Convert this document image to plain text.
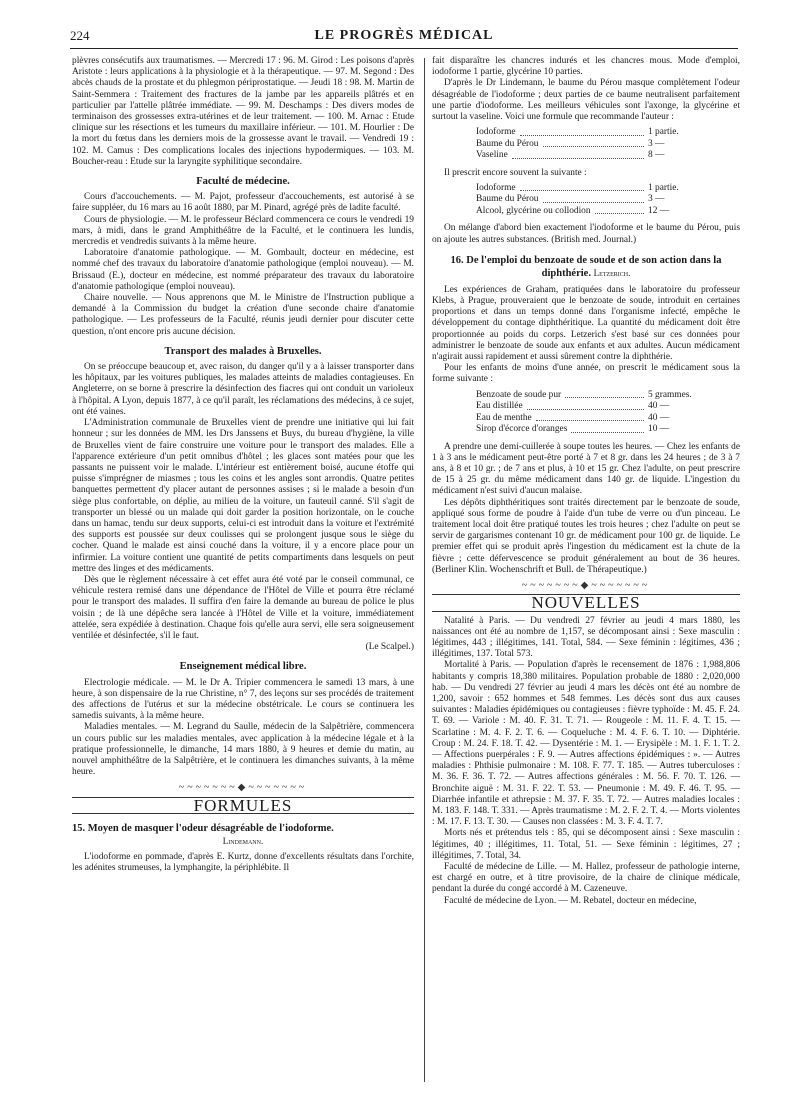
224	LE PROGRÈS MÉDICAL

plèvres consécutifs aux traumatismes. — Mercredi 17 : 96. M. Girod : Les poisons d'après Aristote : leurs applications à la physiologie et à la thérapeutique. — 97. M. Segond : Des abcès chauds de la prostate et du phlegmon périprostatique. — Jeudi 18 : 98. M. Martin de Saint-Semmera : Traitement des fractures de la jambe par les appareils plâtrés et en particulier par l'attelle plâtrée immédiate. — 99. M. Deschamps : Des divers modes de terminaison des grossesses extra-utérines et de leur traitement. — 100. M. Arnac : Etude clinique sur les résections et les tumeurs du maxillaire inférieur. — 101. M. Hourlier : De la mort du fœtus dans les derniers mois de la grossesse avant le travail. — Vendredi 19 : 102. M. Camus : Des complications locales des injections hypodermiques. — 103. M. Boucher-reau : Etude sur la laryngite syphilitique secondaire.

Faculté de médecine.

Cours d'accouchements. — M. Pajot, professeur d'accouchements, est autorisé à se faire suppléer, du 16 mars au 16 août 1880, par M. Pinard, agrégé près de ladite faculté.

Cours de physiologie. — M. le professeur Béclard commencera ce cours le vendredi 19 mars, à midi, dans le grand Amphithéâtre de la Faculté, et le continuera les lundis, mercredis et vendredis suivants à la même heure.

Laboratoire d'anatomie pathologique. — M. Gombault, docteur en médecine, est nommé chef des travaux du laboratoire d'anatomie pathologique (emploi nouveau). — M. Brissaud (E.), docteur en médecine, est nommé préparateur des travaux du laboratoire d'anatomie pathologique (emploi nouveau).

Chaire nouvelle. — Nous apprenons que M. le Ministre de l'Instruction publique a demandé à la Commission du budget la création d'une seconde chaire d'anatomie pathologique. — Les professeurs de la Faculté, réunis jeudi dernier pour discuter cette question, n'ont encore pris aucune décision.

Transport des malades à Bruxelles.

On se préoccupe beaucoup et, avec raison, du danger qu'il y a à laisser transporter dans les hôpitaux, par les voitures publiques, les malades atteints de maladies contagieuses. En Angleterre, on se borne à prescrire la désinfection des fiacres qui ont conduit un varioleux à l'hôpital. A Lyon, depuis 1877, à ce qu'il paraît, les réclamations des médecins, à ce sujet, ont été vaines.

L'Administration communale de Bruxelles vient de prendre une initiative qui lui fait honneur ; sur les données de MM. les Drs Janssens et Buys, du bureau d'hygiène, la ville de Bruxelles vient de faire construire une voiture pour le transport des malades. Elle a l'apparence extérieure d'un petit omnibus d'hôtel ; les glaces sont matées pour que les passants ne puissent voir le malade. L'intérieur est entièrement boisé, aucune étoffe qui puisse s'imprégner de miasmes ; tous les coins et les angles sont arrondis. Quatre petites banquettes permettent d'y placer autant de personnes assises ; si le malade a besoin d'un siège plus confortable, on déplie, au milieu de la voiture, un fauteuil canné. S'il s'agit de transporter un blessé ou un malade qui doit garder la position horizontale, on le couche dans un hamac, tendu sur deux supports, celui-ci est introduit dans la voiture et l'extrémité des supports est poussée sur deux coulisses qui se prolongent jusque sous le siège du cocher. Quand le malade est ainsi couché dans la voiture, il y a encore place pour un infirmier. La voiture contient une quantité de petits compartiments dans lesquels on peut mettre des linges et des médicaments.

Dès que le règlement nécessaire à cet effet aura été voté par le conseil communal, ce véhicule restera remisé dans une dépendance de l'Hôtel de Ville et pourra être réclamé pour le transport des malades. Il suffira d'en faire la demande au bureau de police le plus voisin ; de là une dépêche sera lancée à l'Hôtel de Ville et la voiture, immédiatement attelée, sera expédiée à destination. Chaque fois qu'elle aura servi, elle sera soigneusement ventilée et désinfectée, s'il le faut.

(Le Scalpel.)
Enseignement médical libre.

Electrologie médicale. — M. le Dr A. Tripier commencera le samedi 13 mars, à une heure, à son dispensaire de la rue Christine, n° 7, des leçons sur ses procédés de traitement des affections de l'utérus et sur la médecine obstétricale. Le cours se continuera les samedis suivants, à la même heure.

Maladies mentales. — M. Legrand du Saulle, médecin de la Salpêtrière, commencera un cours public sur les maladies mentales, avec application à la médecine légale et à la pratique professionnelle, le dimanche, 14 mars 1880, à 9 heures et demie du matin, au nouvel amphithéâtre de la Salpêtrière, et le continuera les dimanches suivants, à la même heure.

~~~~~~~◆~~~~~~~
FORMULES
15. Moyen de masquer l'odeur désagréable de l'iodoforme.
Lindemann.

L'iodoforme en pommade, d'après E. Kurtz, donne d'excellents résultats dans l'orchite, les adénites strumeuses, la lymphangite, la périphlébite. Il

fait disparaître les chancres indurés et les chancres mous. Mode d'emploi, iodoforme 1 partie, glycérine 10 parties.

D'après le Dr Lindemann, le baume du Pérou masque complètement l'odeur désagréable de l'iodoforme ; deux parties de ce baume neutralisent parfaitement une partie d'iodoforme. Les meilleurs véhicules sont l'axonge, la glycérine et surtout la vaseline. Voici une formule que recommande l'auteur :

Iodoforme	1 partie.
Baume du Pérou	3 —
Vaseline	8 —

Il prescrit encore souvent la suivante :

Iodoforme	1 partie.
Baume du Pérou	3 —
Alcool, glycérine ou collodion	12 —

On mélange d'abord bien exactement l'iodoforme et le baume du Pérou, puis on ajoute les autres substances. (British med. Journal.)

16. De l'emploi du benzoate de soude et de son action dans la diphthérie. Letzerich.

Les expériences de Graham, pratiquées dans le laboratoire du professeur Klebs, à Prague, prouveraient que le benzoate de soude, introduit en certaines proportions et dans un temps donné dans l'organisme infecté, empêche le développement du contage diphthéritique. La quantité du médicament doit être proportionnée au poids du corps. Letzerich s'est basé sur ces données pour administrer le benzoate de soude aux enfants et aux adultes. Aucun médicament n'agirait aussi rapidement et aussi sûrement contre la diphthérie.

Pour les enfants de moins d'une année, on prescrit le médicament sous la forme suivante :

Benzoate de soude pur	5 grammes.
Eau distillée	40 —
Eau de menthe	40 —
Sirop d'écorce d'oranges	10 —

A prendre une demi-cuillerée à soupe toutes les heures. — Chez les enfants de 1 à 3 ans le médicament peut-être porté à 7 et 8 gr. dans les 24 heures ; de 3 à 7 ans, à 8 et 10 gr. ; de 7 ans et plus, à 10 et 15 gr. Chez l'adulte, on peut prescrire de 15 à 25 gr. du même médicament dans 140 gr. de liquide. L'ingestion du médicament n'est suivi d'aucun malaise.

Les dépôts diphthéritiques sont traités directement par le benzoate de soude, appliqué sous forme de poudre à l'aide d'un tube de verre ou d'un pinceau. Le traitement local doit être pratiqué toutes les trois heures ; chez l'adulte on peut se servir de gargarismes contenant 10 gr. de médicament pour 100 gr. de liquide. Le premier effet qui se produit après l'ingestion du médicament est la chute de la fièvre ; cette défervescence se produit généralement au bout de 36 heures. (Berliner Klin. Wochenschrift et Bull. de Thérapeutique.)

~~~~~~~◆~~~~~~~
NOUVELLES

Natalité à Paris. — Du vendredi 27 février au jeudi 4 mars 1880, les naissances ont été au nombre de 1,157, se décomposant ainsi : Sexe masculin : légitimes, 443 ; illégitimes, 141. Total, 584. — Sexe féminin : légitimes, 436 ; illégitimes, 137. Total 573.

Mortalité à Paris. — Population d'après le recensement de 1876 : 1,988,806 habitants y compris 18,380 militaires. Population probable de 1880 : 2,020,000 hab. — Du vendredi 27 février au jeudi 4 mars les décès ont été au nombre de 1,200, savoir : 652 hommes et 548 femmes. Les décès sont dus aux causes suivantes : Maladies épidémiques ou contagieuses : fièvre typhoïde : M. 45. F. 24. T. 69. — Variole : M. 40. F. 31. T. 71. — Rougeole : M. 11. F. 4. T. 15. — Scarlatine : M. 4. F. 2. T. 6. — Coqueluche : M. 4. F. 6. T. 10. — Diphtérie. Croup : M. 24. F. 18. T. 42. — Dysentérie : M. 1. — Erysipèle : M. 1. F. 1. T. 2. — Affections puerpérales : F. 9. — Autres affections épidémiques : ». — Autres maladies : Phthisie pulmonaire : M. 108. F. 77. T. 185. — Autres tuberculoses : M. 36. F. 36. T. 72. — Autres affections générales : M. 56. F. 70. T. 126. — Bronchite aiguë : M. 31. F. 22. T. 53. — Pneumonie : M. 49. F. 46. T. 95. — Diarrhée infantile et athrepsie : M. 37. F. 35. T. 72. — Autres maladies locales : M. 183. F. 148. T. 331. — Après traumatisme : M. 2. F. 2. T. 4. — Morts violentes : M. 17. F. 13. T. 30. — Causes non classées : M. 3. F. 4. T. 7.

Morts nés et prétendus tels : 85, qui se décomposent ainsi : Sexe masculin : légitimes, 40 ; illégitimes, 11. Total, 51. — Sexe féminin : légitimes, 27 ; illégitimes, 7. Total, 34.

Faculté de médecine de Lille. — M. Hallez, professeur de pathologie interne, est chargé en outre, et à titre provisoire, de la chaire de clinique médicale, pendant la durée du congé accordé à M. Cazeneuve.

Faculté de médecine de Lyon. — M. Rebatel, docteur en médecine,
